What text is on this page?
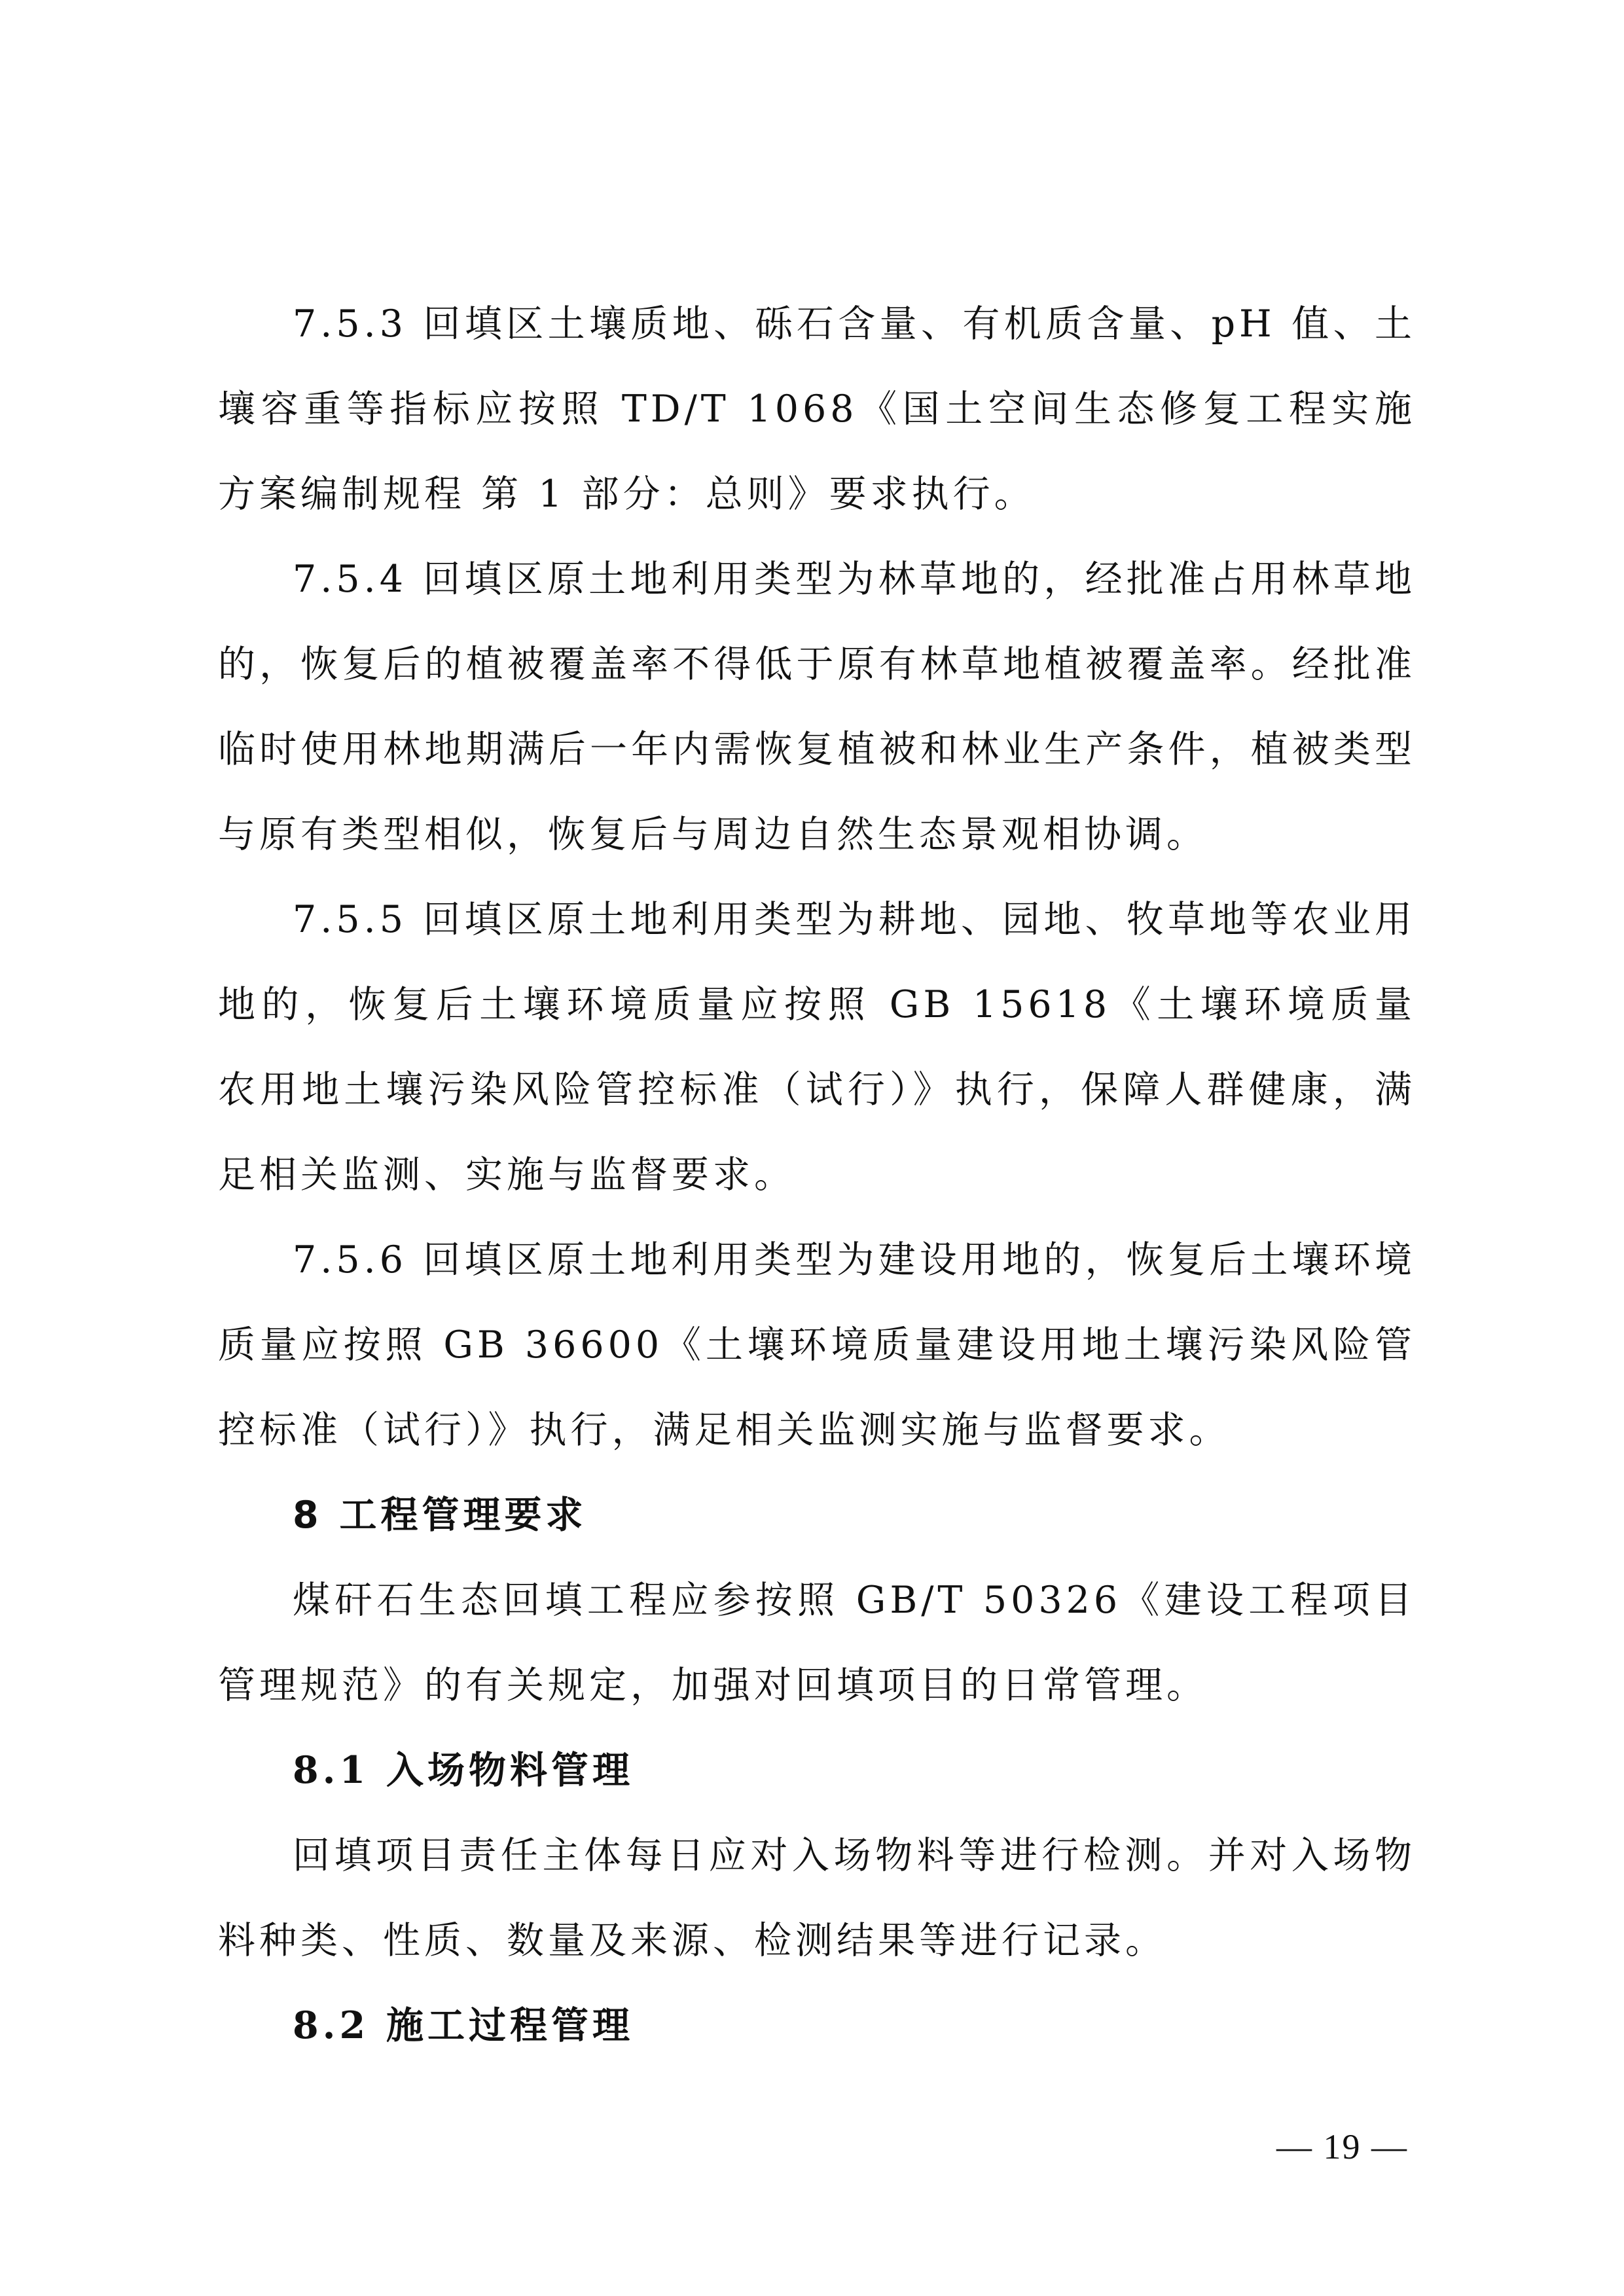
7.5.3 回填区土壤质地、砾石含量、有机质含量、pH 值、土壤容重等指标应按照 TD/T 1068《国土空间生态修复工程实施方案编制规程 第 1 部分：总则》要求执行。

7.5.4 回填区原土地利用类型为林草地的，经批准占用林草地的，恢复后的植被覆盖率不得低于原有林草地植被覆盖率。经批准临时使用林地期满后一年内需恢复植被和林业生产条件，植被类型与原有类型相似，恢复后与周边自然生态景观相协调。

7.5.5 回填区原土地利用类型为耕地、园地、牧草地等农业用地的，恢复后土壤环境质量应按照 GB 15618《土壤环境质量 农用地土壤污染风险管控标准（试行）》执行，保障人群健康，满足相关监测、实施与监督要求。

7.5.6 回填区原土地利用类型为建设用地的，恢复后土壤环境质量应按照 GB 36600《土壤环境质量建设用地土壤污染风险管控标准（试行）》执行，满足相关监测实施与监督要求。

8 工程管理要求

煤矸石生态回填工程应参按照 GB/T 50326《建设工程项目管理规范》的有关规定，加强对回填项目的日常管理。

8.1 入场物料管理

回填项目责任主体每日应对入场物料等进行检测。并对入场物料种类、性质、数量及来源、检测结果等进行记录。

8.2 施工过程管理
— 19 —
